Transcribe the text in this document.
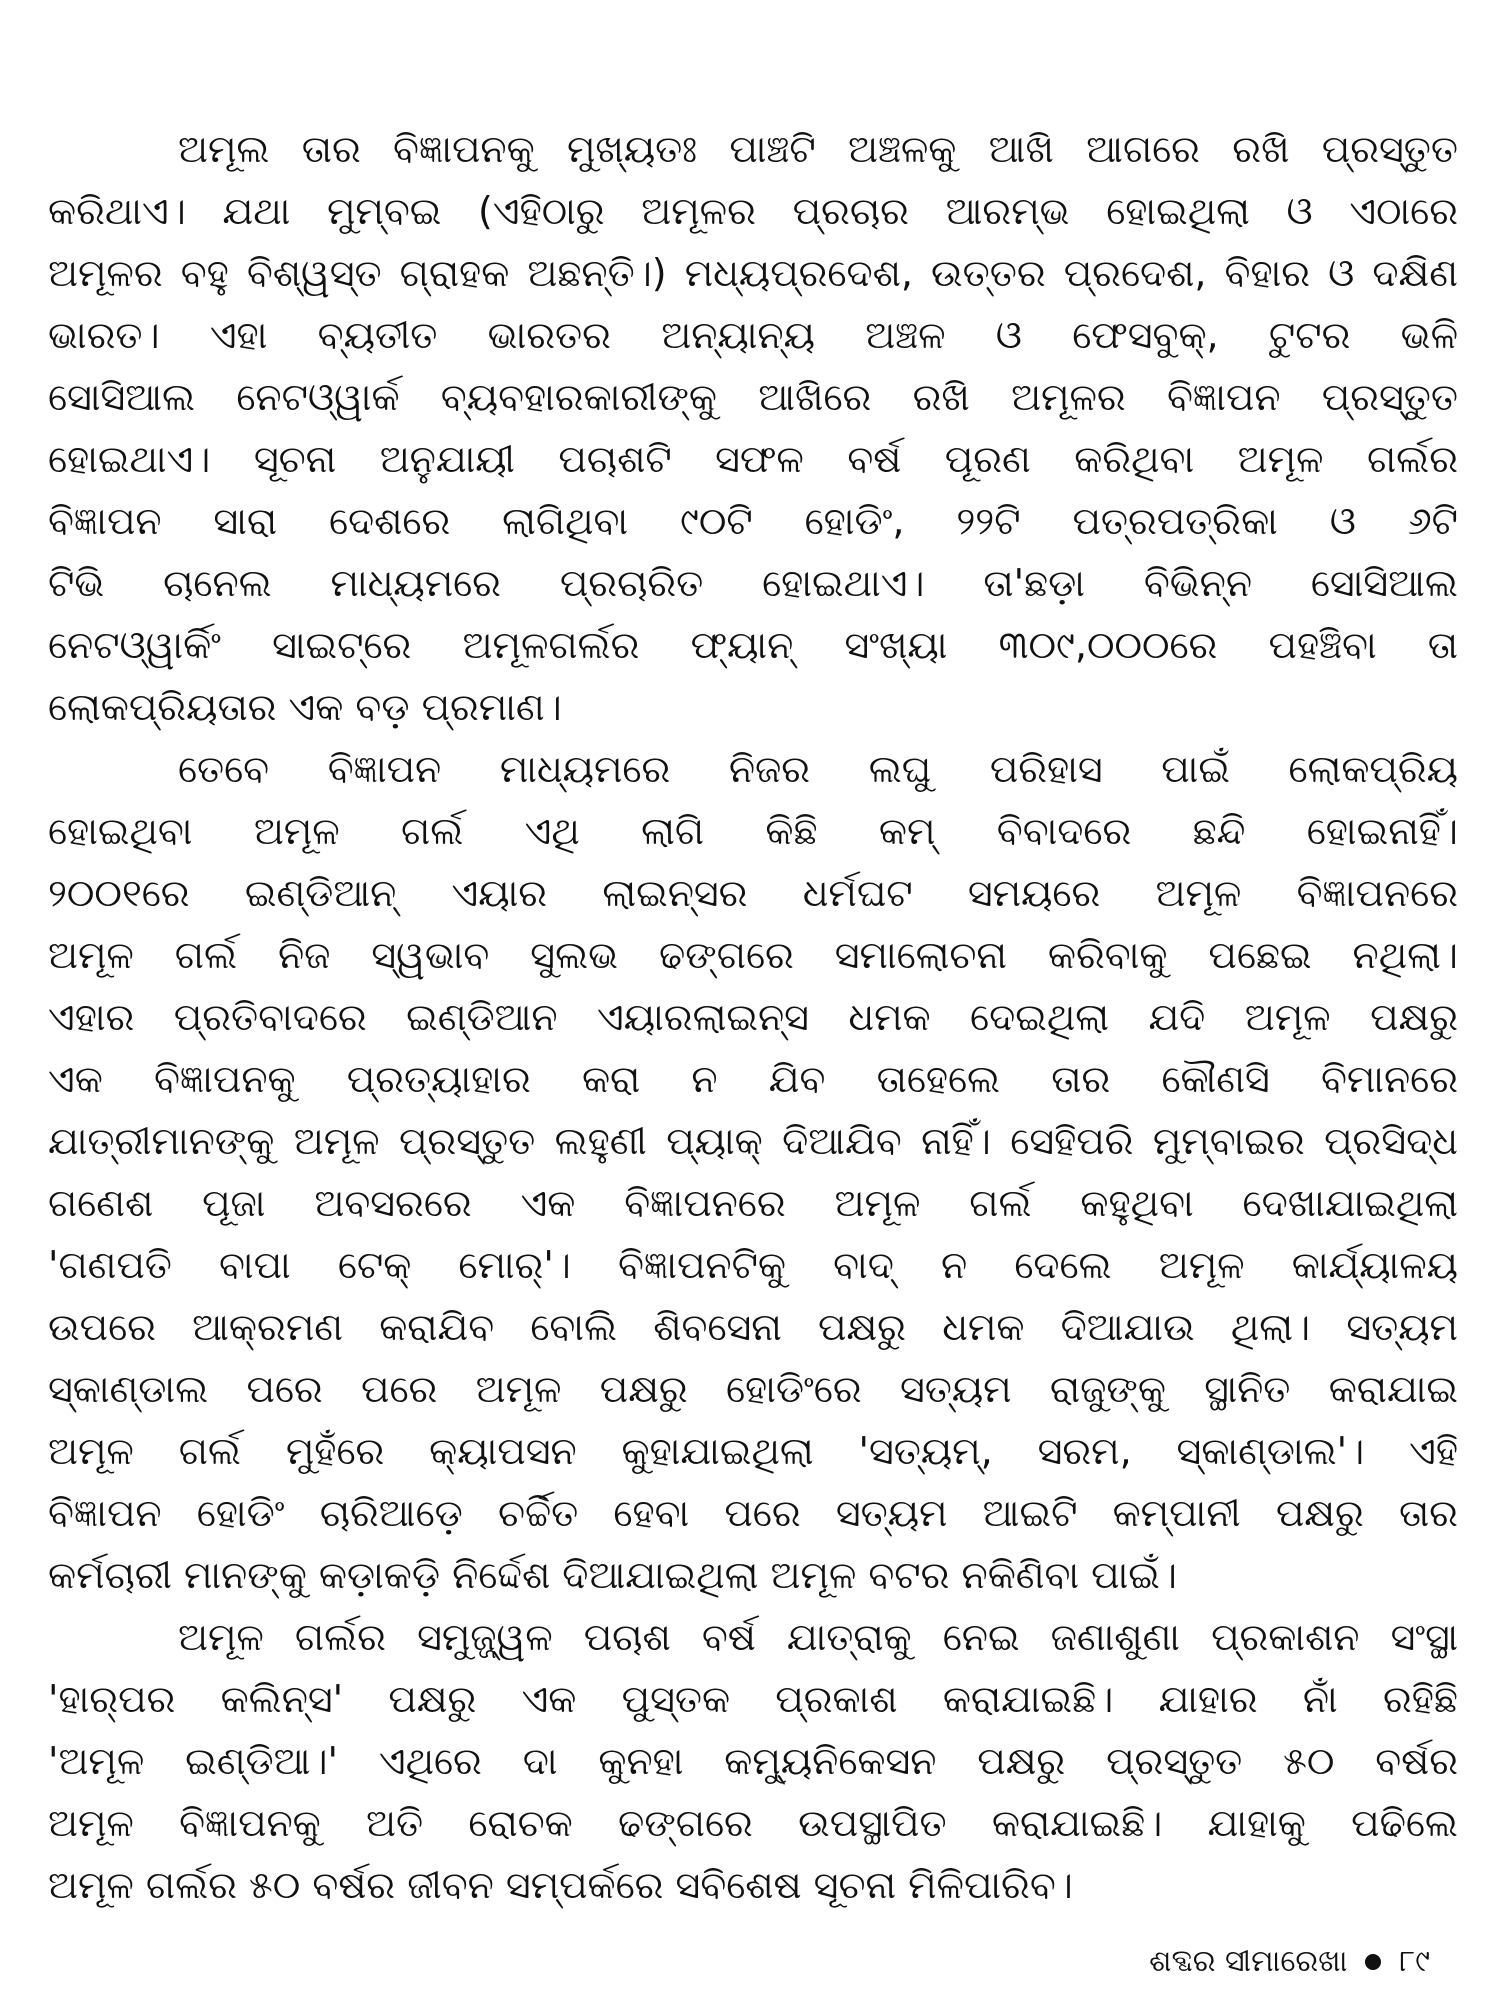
ଅମୂଲ ତାର ବିଜ୍ଞାପନକୁ ମୁଖ୍ୟତଃ ପାଞ୍ଚଟି ଅଞ୍ଚଳକୁ ଆଖି ଆଗରେ ରଖି ପ୍ରସ୍ତୁତ
କରିଥାଏ। ଯଥା ମୁମ୍ବଇ (ଏହିଠାରୁ ଅମୂଳର ପ୍ରଚାର ଆରମ୍ଭ ହୋଇଥିଲା ଓ ଏଠାରେ
ଅମୂଳର ବହୁ ବିଶ୍ୱସ୍ତ ଗ୍ରାହକ ଅଛନ୍ତି।) ମଧ୍ୟପ୍ରଦେଶ, ଉତ୍ତର ପ୍ରଦେଶ, ବିହାର ଓ ଦକ୍ଷିଣ
ଭାରତ। ଏହା ବ୍ୟତୀତ ଭାରତର ଅନ୍ୟାନ୍ୟ ଅଞ୍ଚଳ ଓ ଫେସବୁକ୍, ଟୁଟର ଭଳି
ସୋସିଆଲ ନେଟଓ୍ୱାର୍କ ବ୍ୟବହାରକାରୀଙ୍କୁ ଆଖିରେ ରଖି ଅମୂଳର ବିଜ୍ଞାପନ ପ୍ରସ୍ତୁତ
ହୋଇଥାଏ। ସୂଚନା ଅନୁଯାୟୀ ପଚାଶଟି ସଫଳ ବର୍ଷ ପୂରଣ କରିଥିବା ଅମୂଳ ଗର୍ଲର
ବିଜ୍ଞାପନ ସାରା ଦେଶରେ ଲାଗିଥିବା ୯୦ଟି ହୋଡିଂ, ୨୨ଟି ପତ୍ରପତ୍ରିକା ଓ ୬ଟି
ଟିଭି ଚାନେଲ ମାଧ୍ୟମରେ ପ୍ରଚାରିତ ହୋଇଥାଏ। ତା'ଛଡ଼ା ବିଭିନ୍ନ ସୋସିଆଲ
ନେଟଓ୍ୱାର୍କିଂ ସାଇଟ୍‌ରେ ଅମୂଳଗର୍ଲର ଫ୍ୟାନ୍ ସଂଖ୍ୟା ୩୦୯,୦୦୦ରେ ପହଞ୍ଚିବା ତା
ଲୋକପ୍ରିୟତାର ଏକ ବଡ଼ ପ୍ରମାଣ।
ତେବେ ବିଜ୍ଞାପନ ମାଧ୍ୟମରେ ନିଜର ଲଘୁ ପରିହାସ ପାଇଁ ଲୋକପ୍ରିୟ
ହୋଇଥିବା ଅମୂଳ ଗର୍ଲ ଏଥି ଲାଗି କିଛି କମ୍ ବିବାଦରେ ଛନ୍ଦି ହୋଇନାହିଁ।
୨୦୦୧ରେ ଇଣ୍ଡିଆନ୍ ଏୟାର ଲାଇନ୍ସର ଧର୍ମଘଟ ସମୟରେ ଅମୂଳ ବିଜ୍ଞାପନରେ
ଅମୂଳ ଗର୍ଲ ନିଜ ସ୍ୱଭାବ ସୁଲଭ ଢଙ୍ଗରେ ସମାଲୋଚନା କରିବାକୁ ପଛେଇ ନଥିଲା।
ଏହାର ପ୍ରତିବାଦରେ ଇଣ୍ଡିଆନ ଏୟାରଲାଇନ୍‌ସ ଧମକ ଦେଇଥିଲା ଯଦି ଅମୂଳ ପକ୍ଷରୁ
ଏକ ବିଜ୍ଞାପନକୁ ପ୍ରତ୍ୟାହାର କରା ନ ଯିବ ତାହେଲେ ତାର କୌଣସି ବିମାନରେ
ଯାତ୍ରୀମାନଙ୍କୁ ଅମୂଳ ପ୍ରସ୍ତୁତ ଲହୁଣୀ ପ୍ୟାକ୍ ଦିଆଯିବ ନାହିଁ। ସେହିପରି ମୁମ୍ବାଇର ପ୍ରସିଦ୍ଧ
ଗଣେଶ ପୂଜା ଅବସରରେ ଏକ ବିଜ୍ଞାପନରେ ଅମୂଳ ଗର୍ଲ କହୁଥିବା ଦେଖାଯାଇଥିଲା
'ଗଣପତି ବାପା ଟେକ୍ ମୋର୍'। ବିଜ୍ଞାପନଟିକୁ ବାଦ୍ ନ ଦେଲେ ଅମୂଳ କାର୍ଯ୍ୟାଳୟ
ଉପରେ ଆକ୍ରମଣ କରାଯିବ ବୋଲି ଶିବସେନା ପକ୍ଷରୁ ଧମକ ଦିଆଯାଉ ଥିଲା। ସତ୍ୟମ
ସ୍କାଣ୍ଡାଲ ପରେ ପରେ ଅମୂଳ ପକ୍ଷରୁ ହୋଡିଂରେ ସତ୍ୟମ ରାଜୁଙ୍କୁ ସ୍ଥାନିତ କରାଯାଇ
ଅମୂଳ ଗର୍ଲ ମୁହଁରେ କ୍ୟାପସନ କୁହାଯାଇଥିଲା 'ସତ୍ୟମ୍, ସରମ, ସ୍କାଣ୍ଡାଲ'। ଏହି
ବିଜ୍ଞାପନ ହୋଡିଂ ଚାରିଆଡ଼େ ଚର୍ଚ୍ଚିତ ହେବା ପରେ ସତ୍ୟମ ଆଇଟି କମ୍ପାନୀ ପକ୍ଷରୁ ତାର
କର୍ମଚାରୀ ମାନଙ୍କୁ କଡ଼ାକଡ଼ି ନିର୍ଦ୍ଦେଶ ଦିଆଯାଇଥିଲା ଅମୂଳ ବଟର ନକିଣିବା ପାଇଁ।
ଅମୂଳ ଗର୍ଲର ସମୁଜ୍ଜ୍ୱଳ ପଚାଶ ବର୍ଷ ଯାତ୍ରାକୁ ନେଇ ଜଣାଶୁଣା ପ୍ରକାଶନ ସଂସ୍ଥା
'ହାର୍‌ପର କଲିନ୍‌ସ' ପକ୍ଷରୁ ଏକ ପୁସ୍ତକ ପ୍ରକାଶ କରାଯାଇଛି। ଯାହାର ନାଁ ରହିଛି
'ଅମୂଳ ଇଣ୍ଡିଆ।' ଏଥିରେ ଦା କୁନହା କମ୍ୟୁନିକେସନ ପକ୍ଷରୁ ପ୍ରସ୍ତୁତ ୫୦ ବର୍ଷର
ଅମୂଳ ବିଜ୍ଞାପନକୁ ଅତି ରୋଚକ ଢଙ୍ଗରେ ଉପସ୍ଥାପିତ କରାଯାଇଛି। ଯାହାକୁ ପଢିଲେ
ଅମୂଳ ଗର୍ଲର ୫୦ ବର୍ଷର ଜୀବନ ସମ୍ପର୍କରେ ସବିଶେଷ ସୂଚନା ମିଳିପାରିବ।
ଶବ୍ଦର ସୀମାରେଖା ୮୯
